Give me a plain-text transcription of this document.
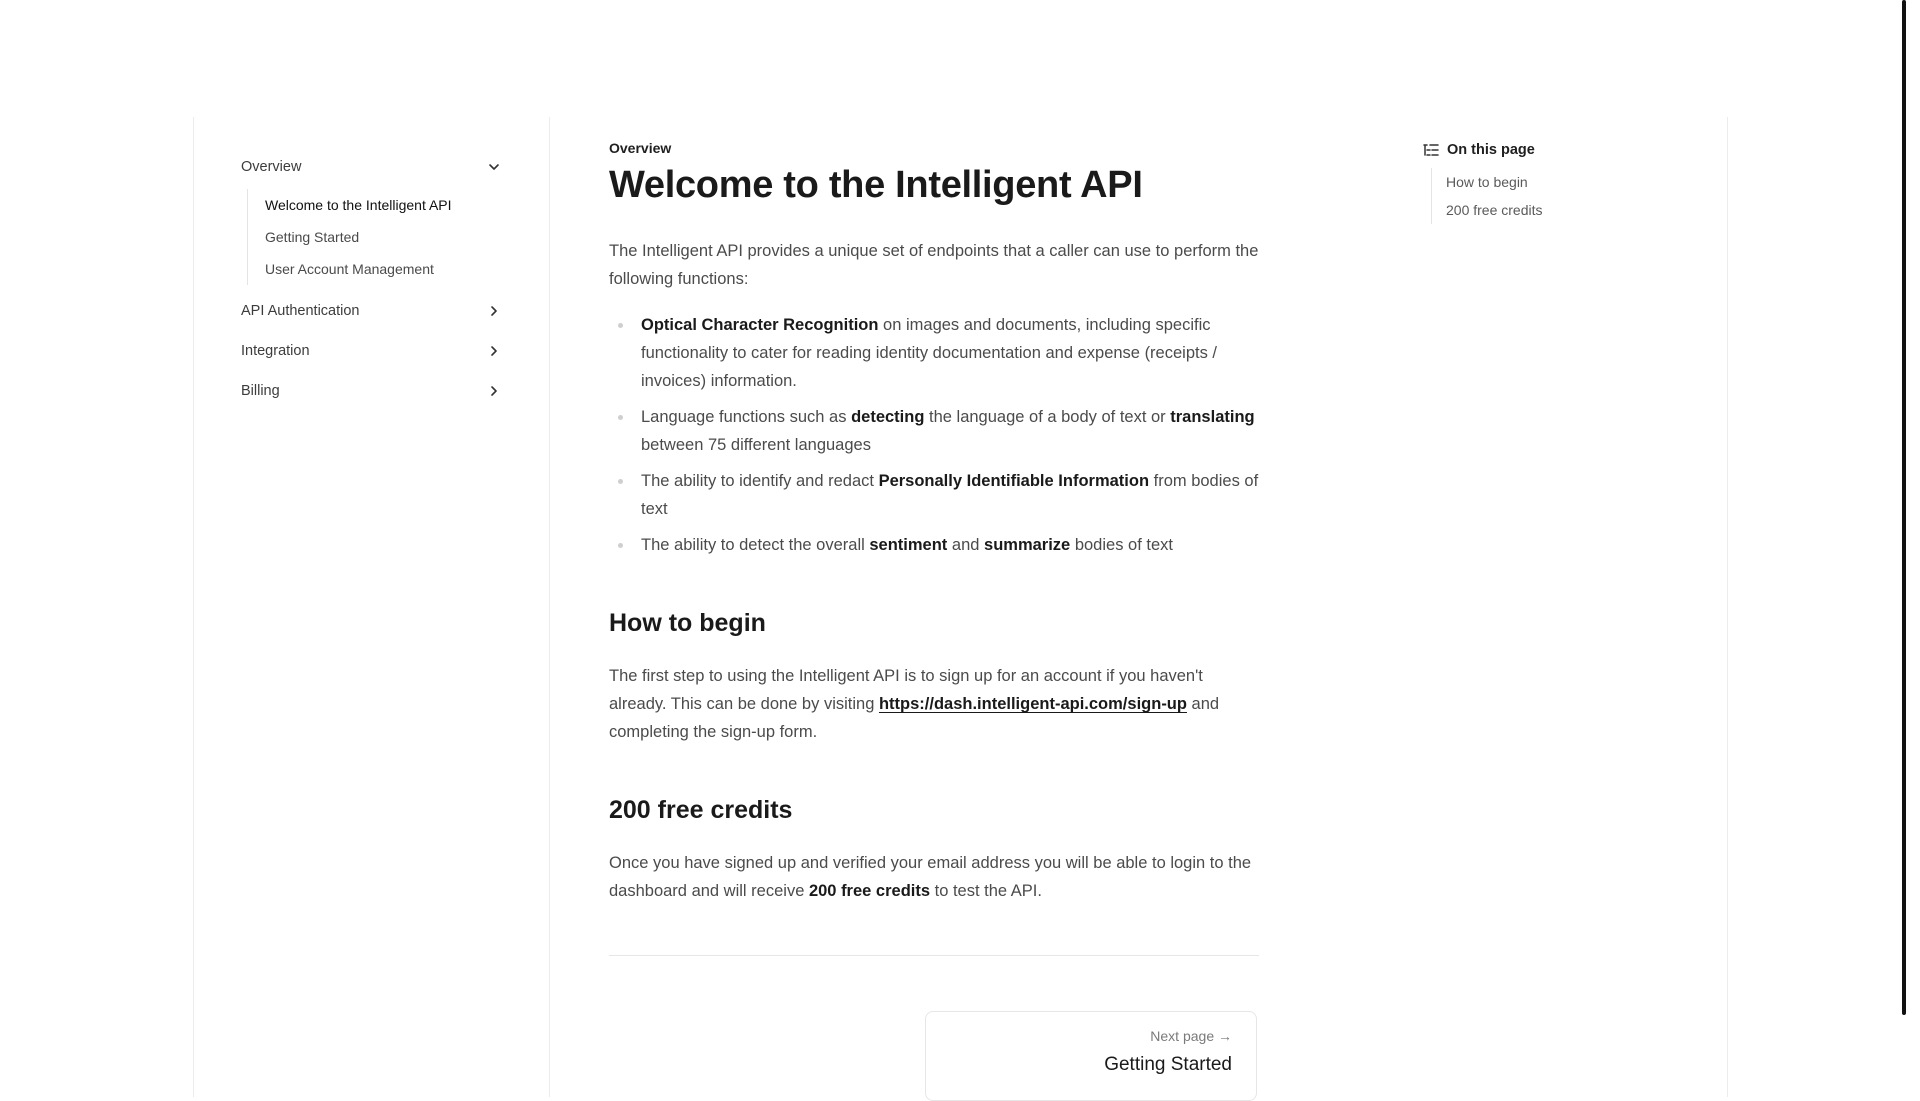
Overview
Welcome to the Intelligent API
Getting Started
User Account Management
API Authentication
Integration
Billing
Overview
Welcome to the Intelligent API

The Intelligent API provides a unique set of endpoints that a caller can use to perform the following functions:

Optical Character Recognition on images and documents, including specific functionality to cater for reading identity documentation and expense (receipts / invoices) information.
Language functions such as detecting the language of a body of text or translating between 75 different languages
The ability to identify and redact Personally Identifiable Information from bodies of text
The ability to detect the overall sentiment and summarize bodies of text
How to begin

The first step to using the Intelligent API is to sign up for an account if you haven't already. This can be done by visiting https://dash.intelligent-api.com/sign-up and completing the sign-up form.

200 free credits

Once you have signed up and verified your email address you will be able to login to the dashboard and will receive 200 free credits to test the API.

Next page →
Getting Started
On this page
How to begin
200 free credits
